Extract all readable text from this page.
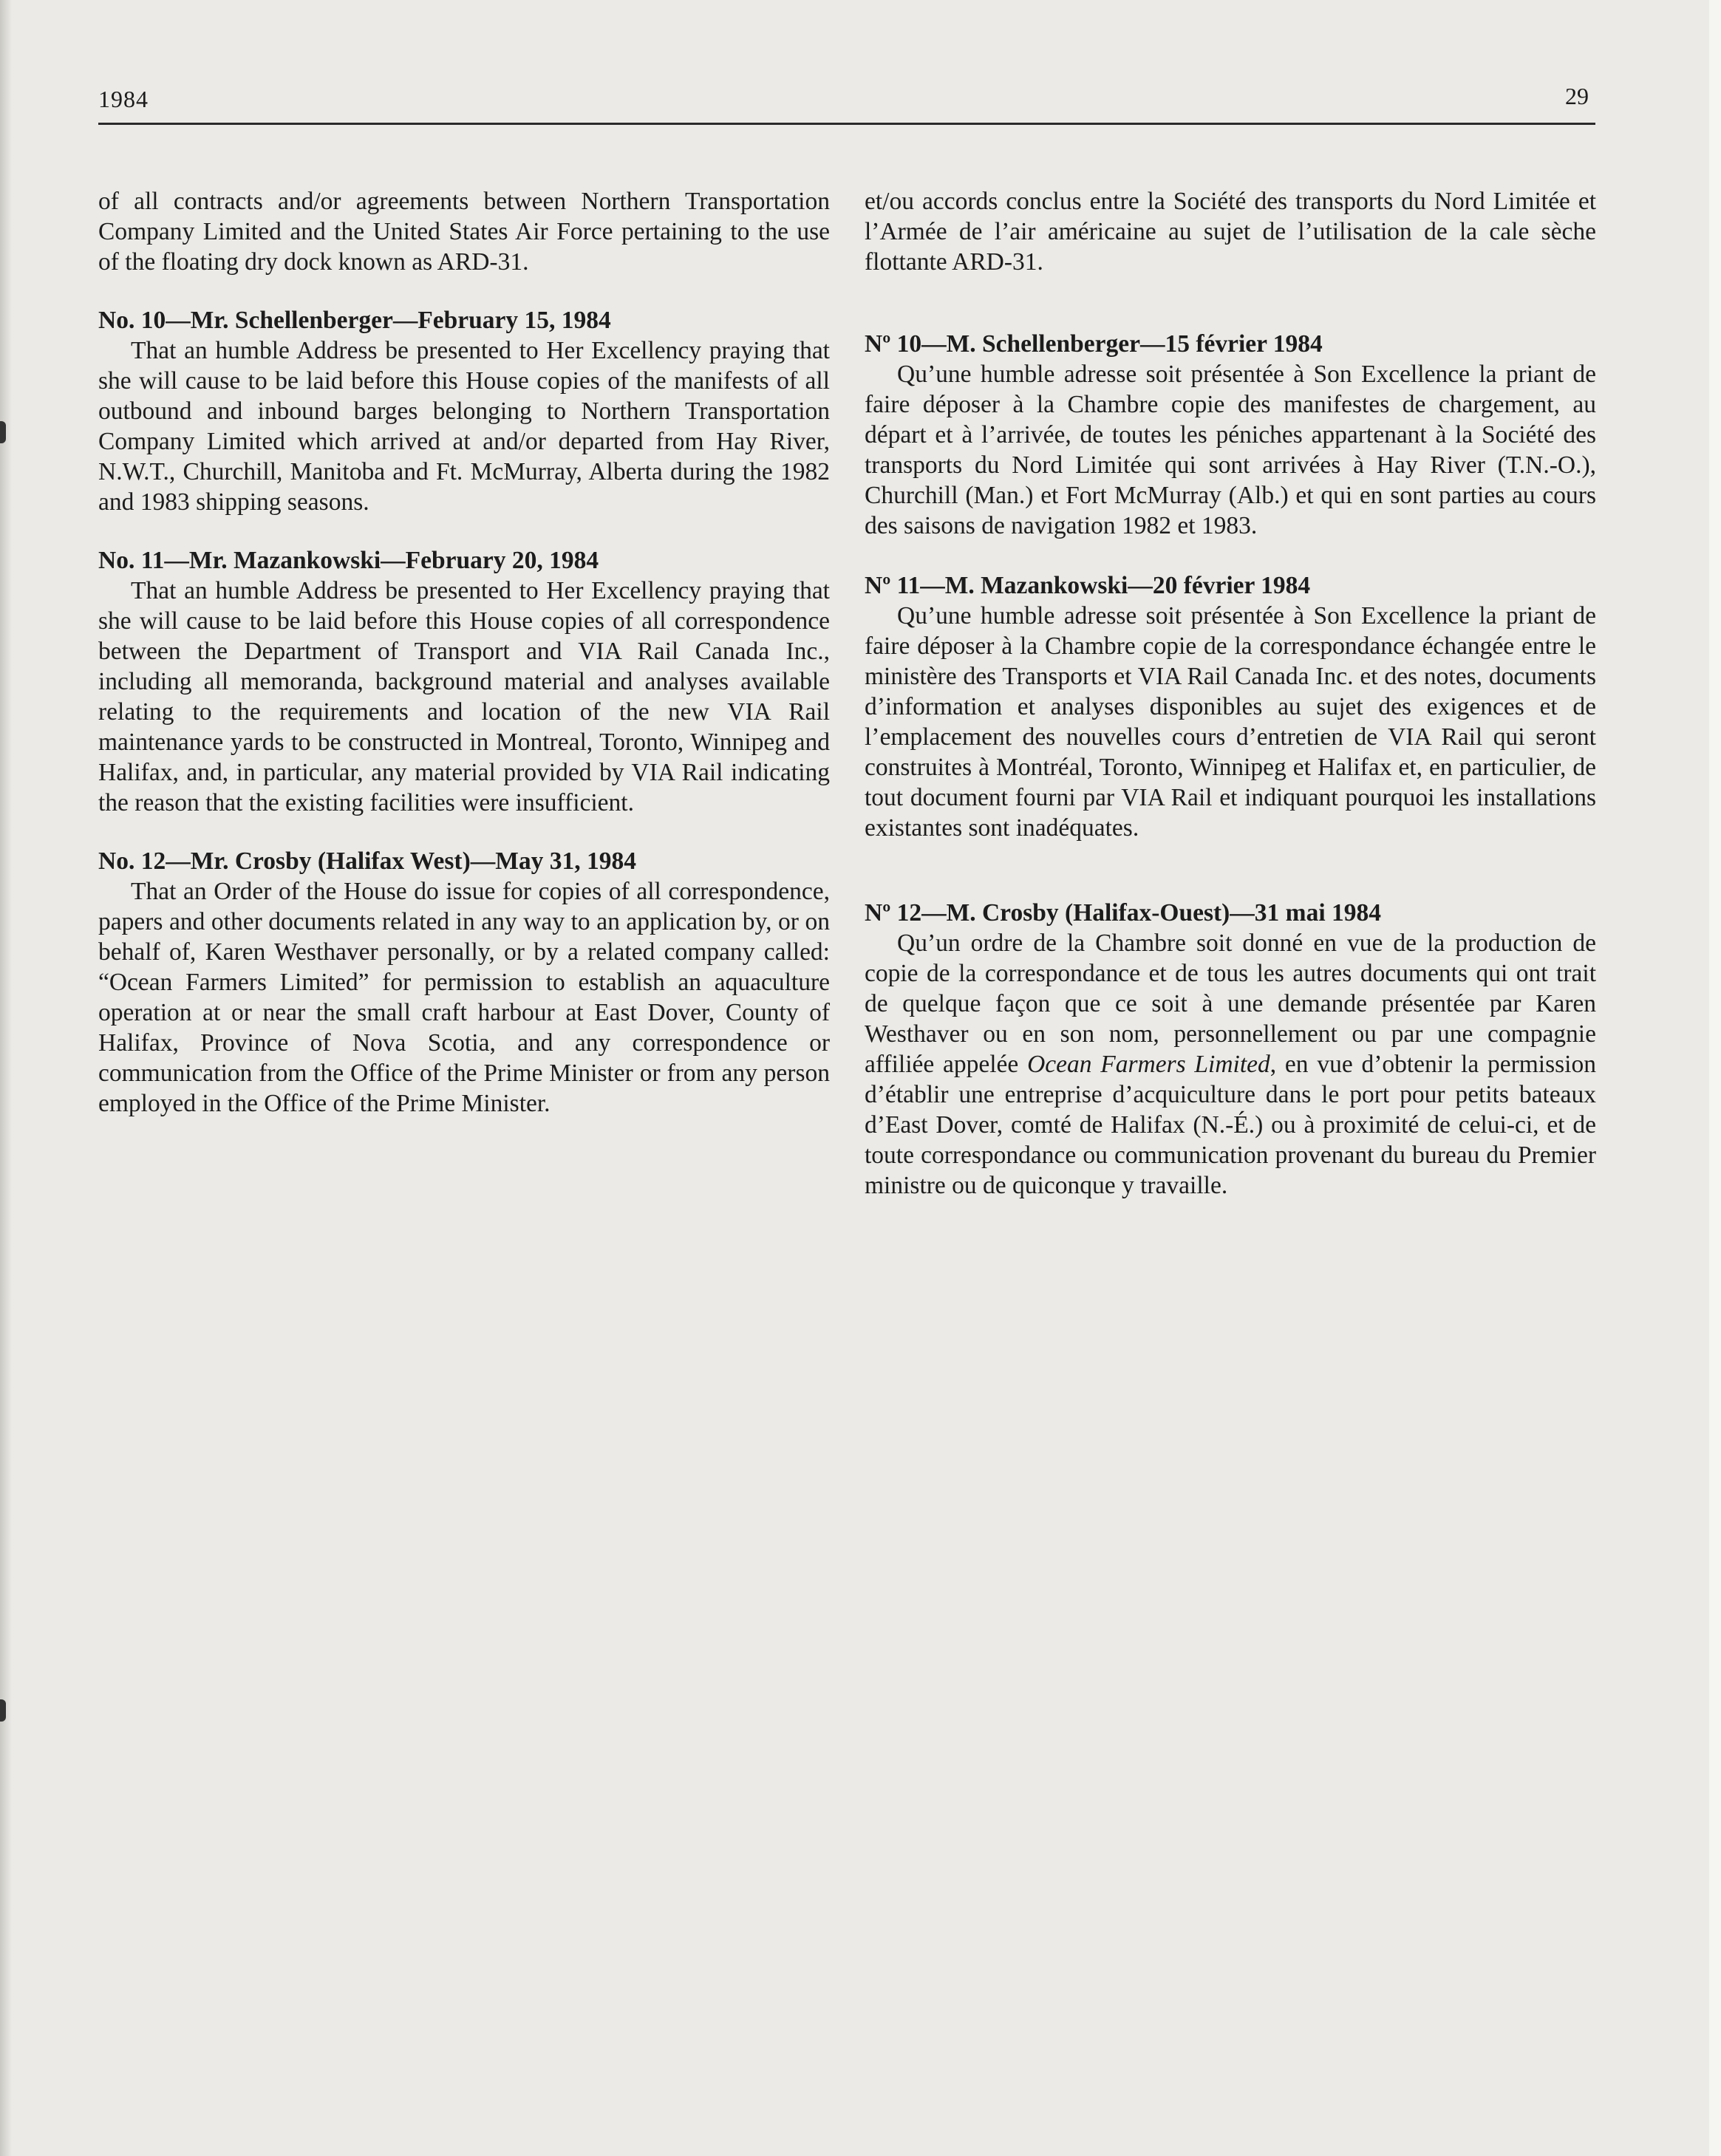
1984	29

of all contracts and/or agreements between Northern Transportation Company Limited and the United States Air Force pertaining to the use of the floating dry dock known as ARD-31.

No. 10—Mr. Schellenberger—February 15, 1984

That an humble Address be presented to Her Excellency praying that she will cause to be laid before this House copies of the manifests of all outbound and inbound barges belonging to Northern Transportation Company Limited which arrived at and/or departed from Hay River, N.W.T., Churchill, Manitoba and Ft. McMurray, Alberta during the 1982 and 1983 shipping seasons.

No. 11—Mr. Mazankowski—February 20, 1984

That an humble Address be presented to Her Excellency praying that she will cause to be laid before this House copies of all correspondence between the Department of Transport and VIA Rail Canada Inc., including all memoranda, background material and analyses available relating to the requirements and location of the new VIA Rail maintenance yards to be constructed in Montreal, Toronto, Winnipeg and Halifax, and, in particular, any material provided by VIA Rail indicating the reason that the existing facilities were insufficient.

No. 12—Mr. Crosby (Halifax West)—May 31, 1984

That an Order of the House do issue for copies of all correspondence, papers and other documents related in any way to an application by, or on behalf of, Karen Westhaver personally, or by a related company called: “Ocean Farmers Limited” for permission to establish an aquaculture operation at or near the small craft harbour at East Dover, County of Halifax, Province of Nova Scotia, and any correspondence or communication from the Office of the Prime Minister or from any person employed in the Office of the Prime Minister.

et/ou accords conclus entre la Société des transports du Nord Limitée et l’Armée de l’air américaine au sujet de l’utilisation de la cale sèche flottante ARD-31.

Nº 10—M. Schellenberger—15 février 1984

Qu’une humble adresse soit présentée à Son Excellence la priant de faire déposer à la Chambre copie des manifestes de chargement, au départ et à l’arrivée, de toutes les péniches appartenant à la Société des transports du Nord Limitée qui sont arrivées à Hay River (T.N.-O.), Churchill (Man.) et Fort McMurray (Alb.) et qui en sont parties au cours des saisons de navigation 1982 et 1983.

Nº 11—M. Mazankowski—20 février 1984

Qu’une humble adresse soit présentée à Son Excellence la priant de faire déposer à la Chambre copie de la correspondance échangée entre le ministère des Transports et VIA Rail Canada Inc. et des notes, documents d’information et analyses disponibles au sujet des exigences et de l’emplacement des nouvelles cours d’entretien de VIA Rail qui seront construites à Montréal, Toronto, Winnipeg et Halifax et, en particulier, de tout document fourni par VIA Rail et indiquant pourquoi les installations existantes sont inadéquates.

Nº 12—M. Crosby (Halifax-Ouest)—31 mai 1984

Qu’un ordre de la Chambre soit donné en vue de la production de copie de la correspondance et de tous les autres documents qui ont trait de quelque façon que ce soit à une demande présentée par Karen Westhaver ou en son nom, personnellement ou par une compagnie affiliée appelée Ocean Farmers Limited, en vue d’obtenir la permission d’établir une entreprise d’acquiculture dans le port pour petits bateaux d’East Dover, comté de Halifax (N.-É.) ou à proximité de celui-ci, et de toute correspondance ou communication provenant du bureau du Premier ministre ou de quiconque y travaille.
